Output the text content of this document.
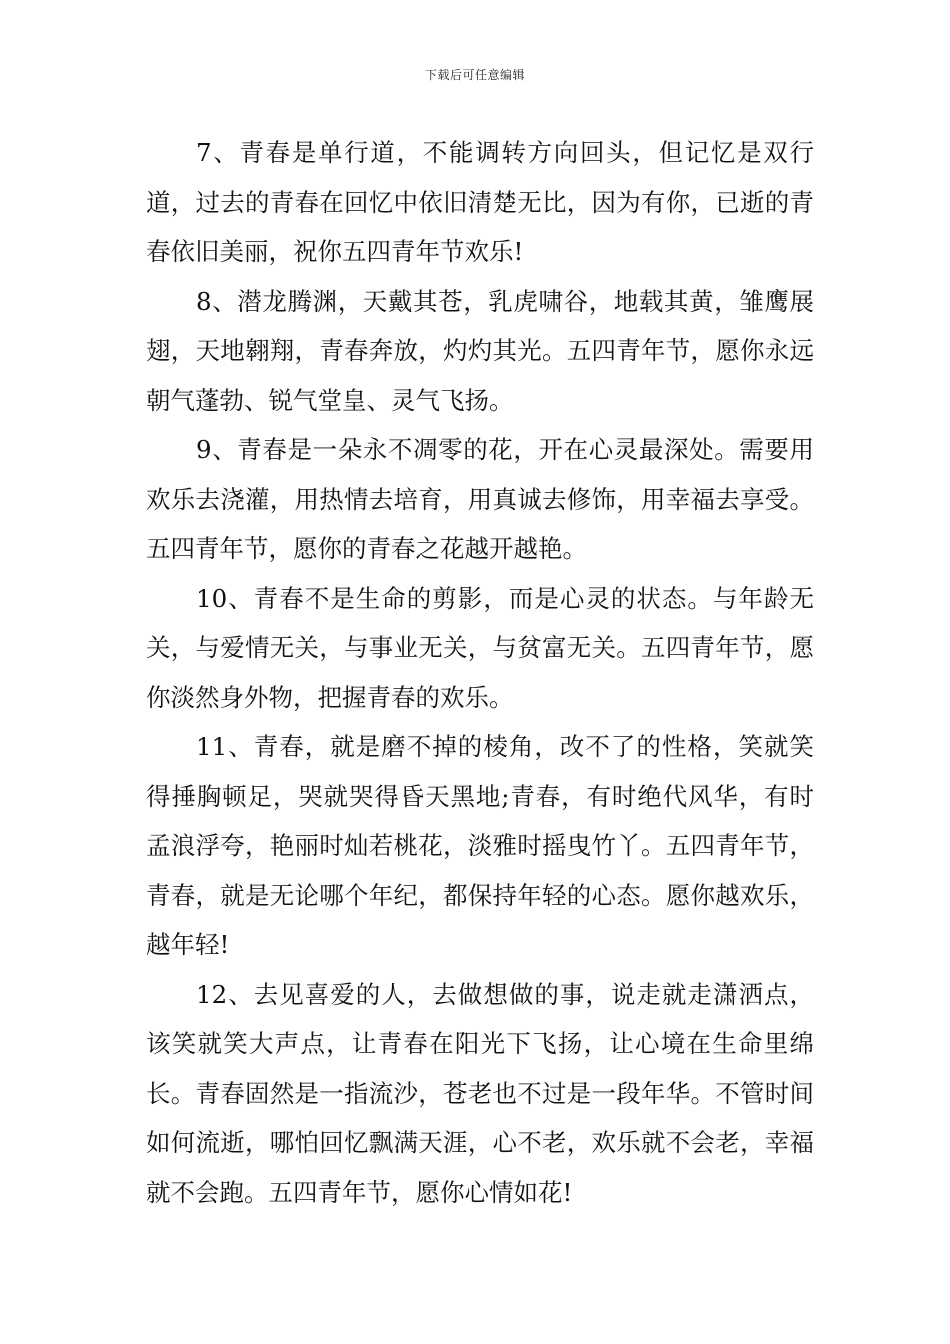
下载后可任意编辑

7、青春是单行道，不能调转方向回头，但记忆是双行道，过去的青春在回忆中依旧清楚无比，因为有你，已逝的青春依旧美丽，祝你五四青年节欢乐!

8、潜龙腾渊，天戴其苍，乳虎啸谷，地载其黄，雏鹰展翅，天地翱翔，青春奔放，灼灼其光。五四青年节，愿你永远朝气蓬勃、锐气堂皇、灵气飞扬。

9、青春是一朵永不凋零的花，开在心灵最深处。需要用欢乐去浇灌，用热情去培育，用真诚去修饰，用幸福去享受。五四青年节，愿你的青春之花越开越艳。

10、青春不是生命的剪影，而是心灵的状态。与年龄无关，与爱情无关，与事业无关，与贫富无关。五四青年节，愿你淡然身外物，把握青春的欢乐。

11、青春，就是磨不掉的棱角，改不了的性格，笑就笑得捶胸顿足，哭就哭得昏天黑地;青春，有时绝代风华，有时孟浪浮夸，艳丽时灿若桃花，淡雅时摇曳竹丫。五四青年节，青春，就是无论哪个年纪，都保持年轻的心态。愿你越欢乐，越年轻!

12、去见喜爱的人，去做想做的事，说走就走潇洒点，该笑就笑大声点，让青春在阳光下飞扬，让心境在生命里绵长。青春固然是一指流沙，苍老也不过是一段年华。不管时间如何流逝，哪怕回忆飘满天涯，心不老，欢乐就不会老，幸福就不会跑。五四青年节，愿你心情如花!
